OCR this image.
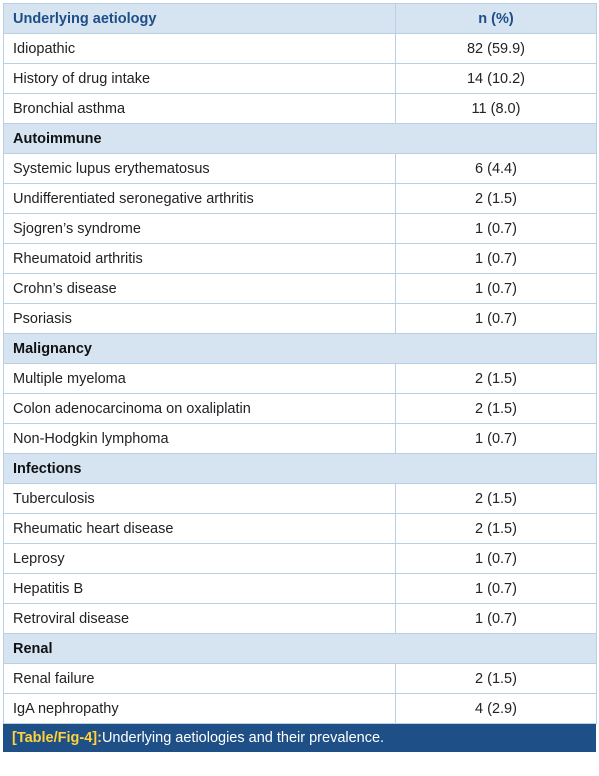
Underlying aetiology	n (%)
Idiopathic	82 (59.9)
History of drug intake	14 (10.2)
Bronchial asthma	11 (8.0)
Autoimmune	
Systemic lupus erythematosus	6 (4.4)
Undifferentiated seronegative arthritis	2 (1.5)
Sjogren’s syndrome	1 (0.7)
Rheumatoid arthritis	1 (0.7)
Crohn’s disease	1 (0.7)
Psoriasis	1 (0.7)
Malignancy	
Multiple myeloma	2 (1.5)
Colon adenocarcinoma on oxaliplatin	2 (1.5)
Non-Hodgkin lymphoma	1 (0.7)
Infections	
Tuberculosis	2 (1.5)
Rheumatic heart disease	2 (1.5)
Leprosy	1 (0.7)
Hepatitis B	1 (0.7)
Retroviral disease	1 (0.7)
Renal	
Renal failure	2 (1.5)
IgA nephropathy	4 (2.9)
[Table/Fig-4]: Underlying aetiologies and their prevalence.
